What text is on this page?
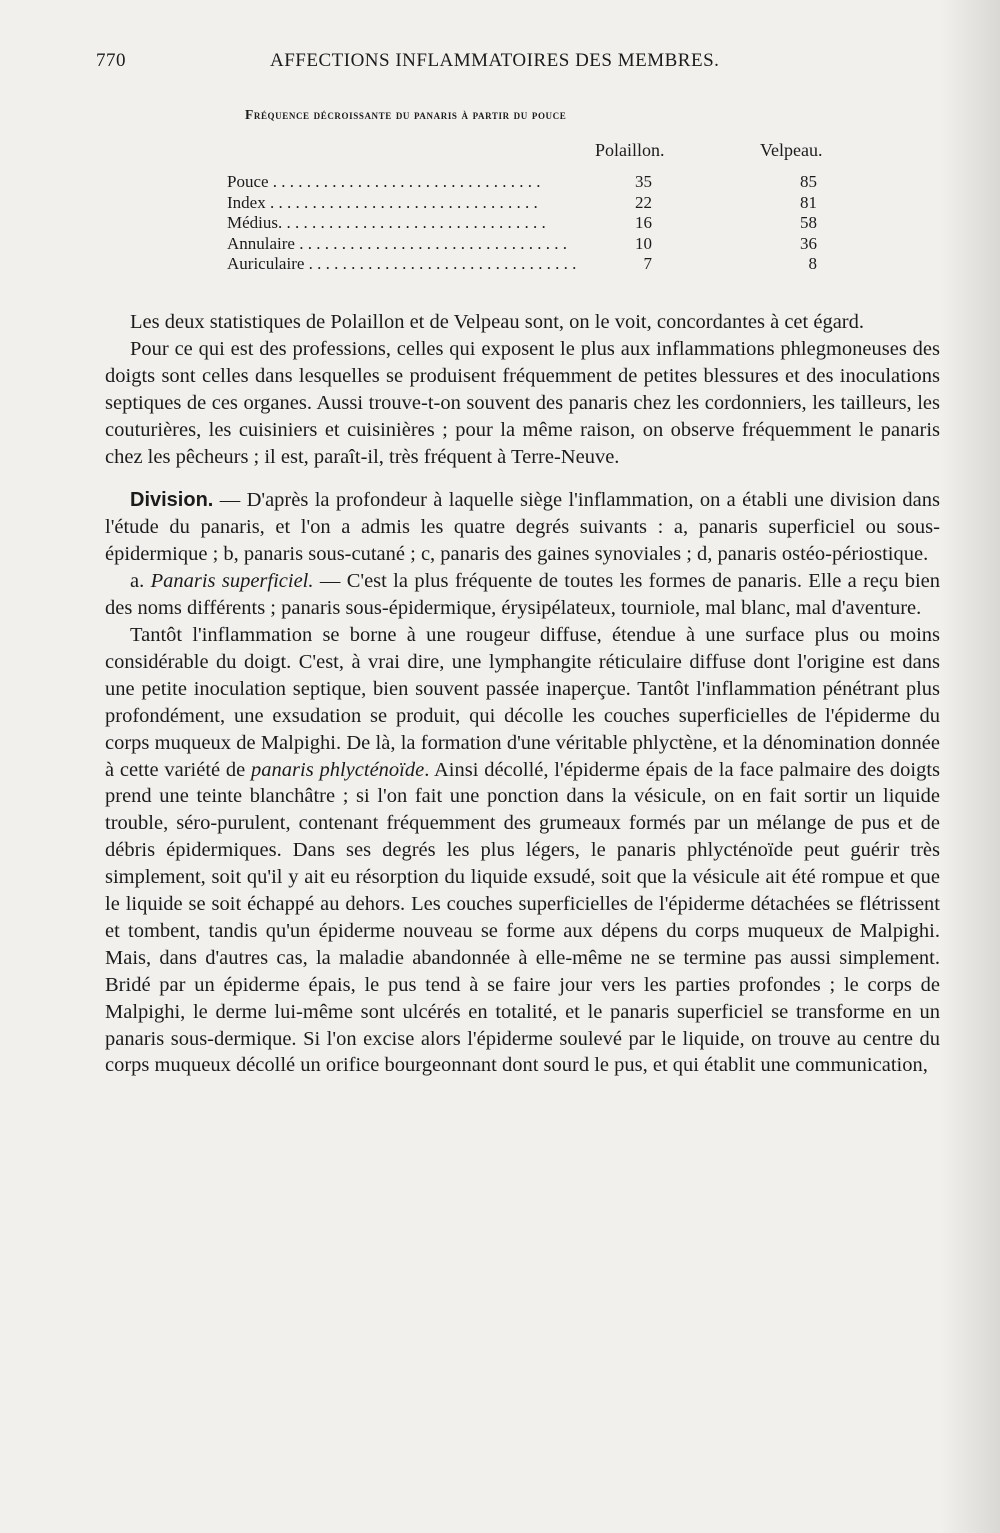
770	AFFECTIONS INFLAMMATOIRES DES MEMBRES.
Fréquence décroissante du panaris à partir du pouce
Polaillon.	Velpeau.
Pouce . . . . . . . . . . . . . . . . . . . . . . . . . . . . . . . .	35	85
Index . . . . . . . . . . . . . . . . . . . . . . . . . . . . . . . .	22	81
Médius. . . . . . . . . . . . . . . . . . . . . . . . . . . . . . . .	16	58
Annulaire . . . . . . . . . . . . . . . . . . . . . . . . . . . . . . . .	10	36
Auriculaire . . . . . . . . . . . . . . . . . . . . . . . . . . . . . . . .	7	8

Les deux statistiques de Polaillon et de Velpeau sont, on le voit, concordantes à cet égard.

Pour ce qui est des professions, celles qui exposent le plus aux inflammations phlegmoneuses des doigts sont celles dans lesquelles se produisent fréquemment de petites blessures et des inoculations septiques de ces organes. Aussi trouve-t-on souvent des panaris chez les cordonniers, les tailleurs, les couturières, les cuisiniers et cuisinières ; pour la même raison, on observe fréquemment le panaris chez les pêcheurs ; il est, paraît-il, très fréquent à Terre-Neuve.

Division. — D'après la profondeur à laquelle siège l'inflammation, on a établi une division dans l'étude du panaris, et l'on a admis les quatre degrés suivants : a, panaris superficiel ou sous-épidermique ; b, panaris sous-cutané ; c, panaris des gaines synoviales ; d, panaris ostéo-périostique.

a. Panaris superficiel. — C'est la plus fréquente de toutes les formes de panaris. Elle a reçu bien des noms différents ; panaris sous-épidermique, érysipélateux, tourniole, mal blanc, mal d'aventure.

Tantôt l'inflammation se borne à une rougeur diffuse, étendue à une surface plus ou moins considérable du doigt. C'est, à vrai dire, une lymphangite réticulaire diffuse dont l'origine est dans une petite inoculation septique, bien souvent passée inaperçue. Tantôt l'inflammation pénétrant plus profondément, une exsudation se produit, qui décolle les couches superficielles de l'épiderme du corps muqueux de Malpighi. De là, la formation d'une véritable phlyctène, et la dénomination donnée à cette variété de panaris phlycténoïde. Ainsi décollé, l'épiderme épais de la face palmaire des doigts prend une teinte blanchâtre ; si l'on fait une ponction dans la vésicule, on en fait sortir un liquide trouble, séro-purulent, contenant fréquemment des grumeaux formés par un mélange de pus et de débris épidermiques. Dans ses degrés les plus légers, le panaris phlycténoïde peut guérir très simplement, soit qu'il y ait eu résorption du liquide exsudé, soit que la vésicule ait été rompue et que le liquide se soit échappé au dehors. Les couches superficielles de l'épiderme détachées se flétrissent et tombent, tandis qu'un épiderme nouveau se forme aux dépens du corps muqueux de Malpighi. Mais, dans d'autres cas, la maladie abandonnée à elle-même ne se termine pas aussi simplement. Bridé par un épiderme épais, le pus tend à se faire jour vers les parties profondes ; le corps de Malpighi, le derme lui-même sont ulcérés en totalité, et le panaris superficiel se transforme en un panaris sous-dermique. Si l'on excise alors l'épiderme soulevé par le liquide, on trouve au centre du corps muqueux décollé un orifice bourgeonnant dont sourd le pus, et qui établit une communication,
